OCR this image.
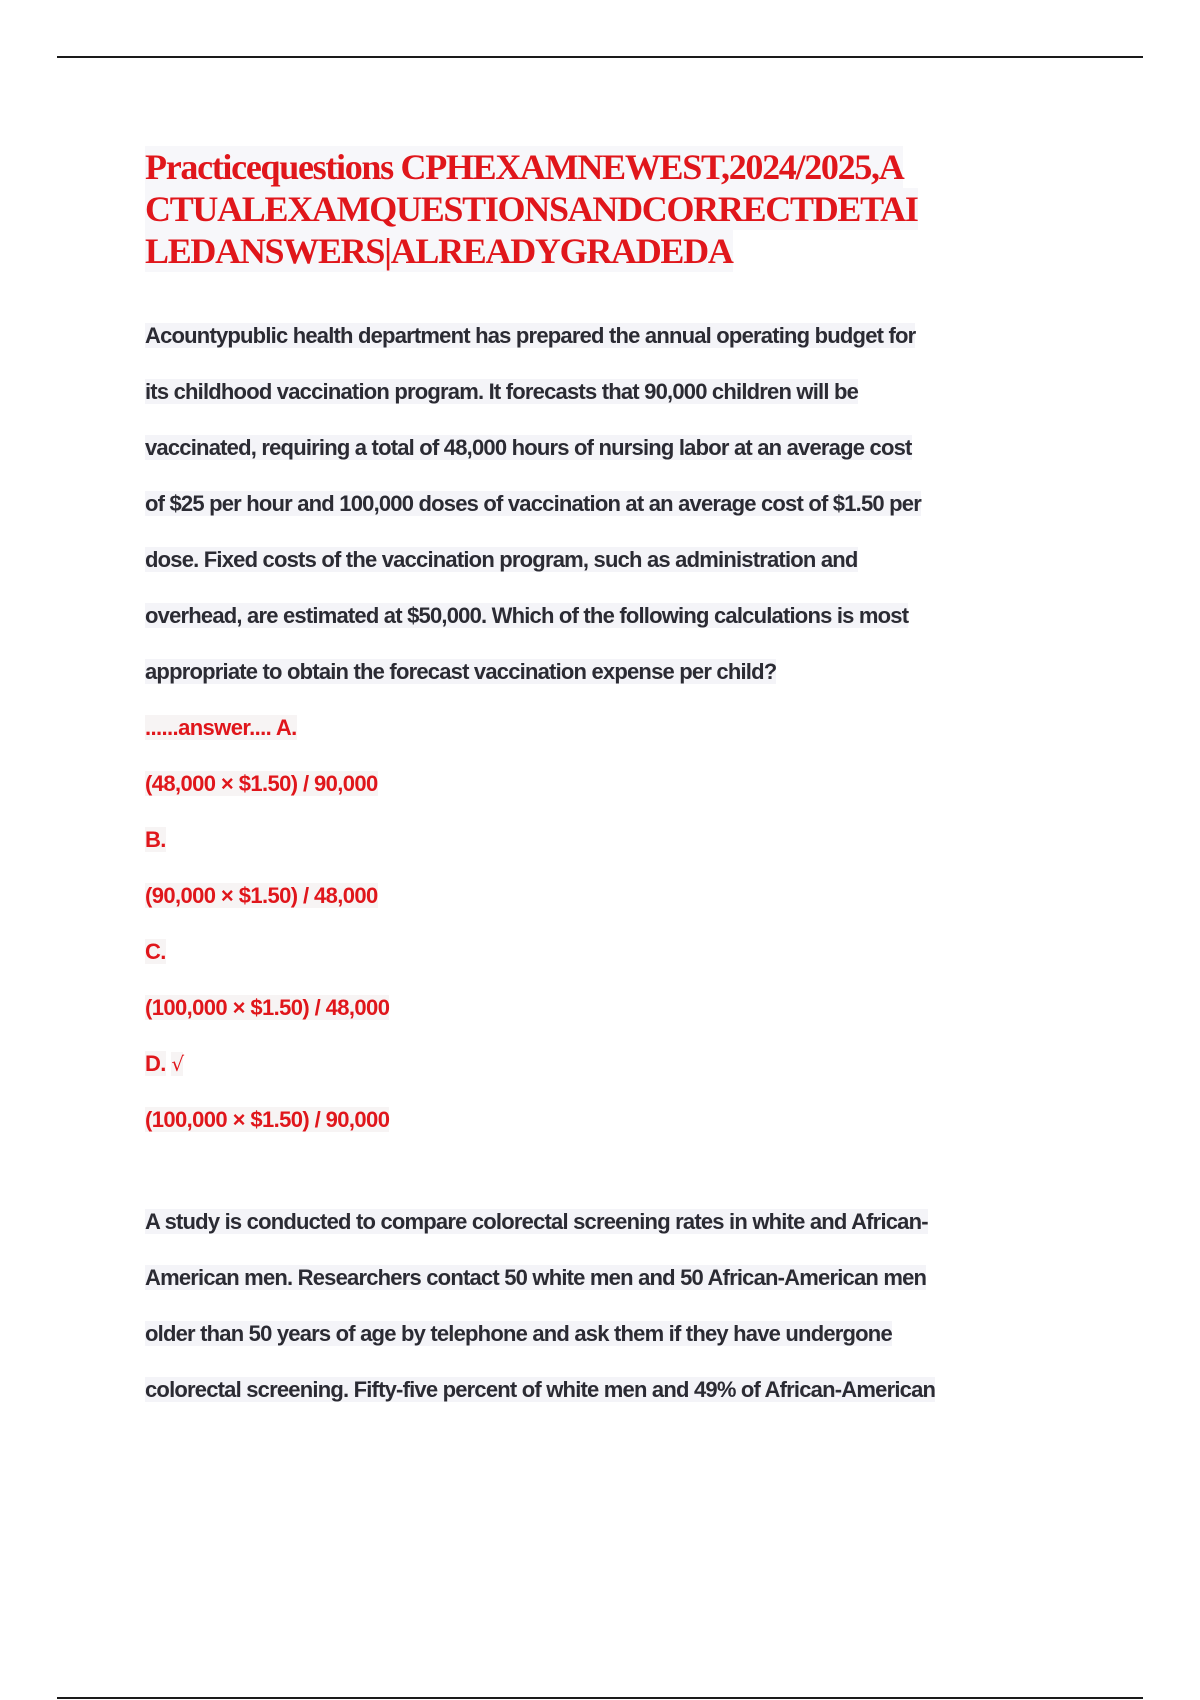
Practicequestions CPHEXAMNEWEST,2024/2025,A
CTUALEXAMQUESTIONSANDCORRECTDETAI
LEDANSWERS|ALREADYGRADEDA
Acountypublic health department has prepared the annual operating budget for
its childhood vaccination program. It forecasts that 90,000 children will be
vaccinated, requiring a total of 48,000 hours of nursing labor at an average cost
of $25 per hour and 100,000 doses of vaccination at an average cost of $1.50 per
dose. Fixed costs of the vaccination program, such as administration and
overhead, are estimated at $50,000. Which of the following calculations is most
appropriate to obtain the forecast vaccination expense per child?
......answer.... A.
(48,000 × $1.50) / 90,000
B.
(90,000 × $1.50) / 48,000
C.
(100,000 × $1.50) / 48,000
D. √
(100,000 × $1.50) / 90,000
A study is conducted to compare colorectal screening rates in white and African-
American men. Researchers contact 50 white men and 50 African-American men
older than 50 years of age by telephone and ask them if they have undergone
colorectal screening. Fifty-five percent of white men and 49% of African-American
